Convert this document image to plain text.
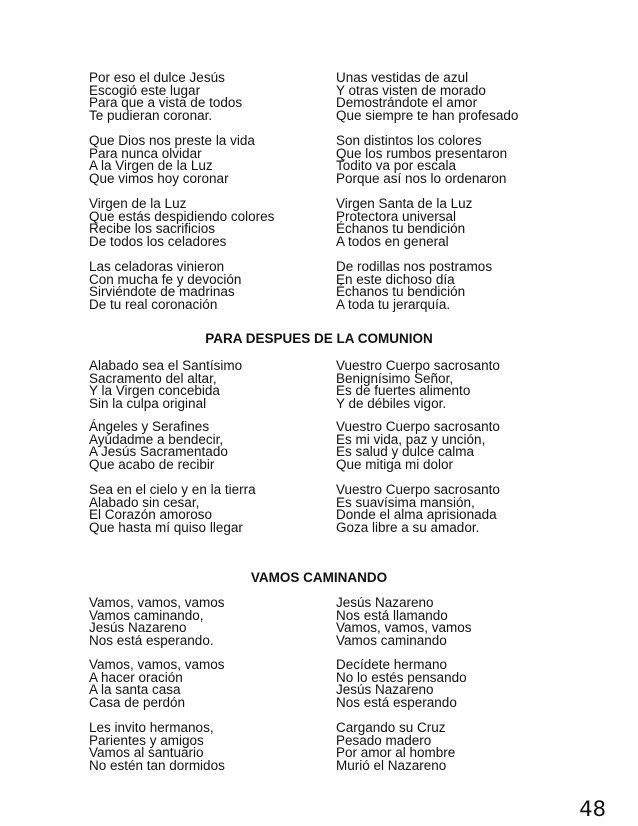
Por eso el dulce Jesús
Escogió este lugar
Para que a vista de todos
Te pudieran coronar.
Unas vestidas de azul
Y otras visten de morado
Demostrándote el amor
Que siempre te han profesado
Que Dios nos preste la vida
Para nunca olvidar
A la Virgen de la Luz
Que vimos hoy coronar
Son distintos los colores
Que los rumbos presentaron
Todito va por escala
Porque así nos lo ordenaron
Virgen de la Luz
Que estás despidiendo colores
Recibe los sacrificios
De todos los celadores
Virgen Santa de la Luz
Protectora universal
Échanos tu bendición
A todos en general
Las celadoras vinieron
Con mucha fe y devoción
Sirviéndote de madrinas
De tu real coronación
De rodillas nos postramos
En este dichoso día
Échanos tu bendición
A toda tu jerarquía.
PARA DESPUES DE LA COMUNION
Alabado sea el Santísimo
Sacramento del altar,
Y la Virgen concebida
Sin la culpa original
Vuestro Cuerpo sacrosanto
Benignísimo Señor,
Es de fuertes alimento
Y de débiles vigor.
Ángeles y Serafines
Ayúdadme a bendecir,
A Jesús Sacramentado
Que acabo de recibir
Vuestro Cuerpo sacrosanto
Es mi vida, paz y unción,
Es salud y dulce calma
Que mitiga mi dolor
Sea en el cielo y en la tierra
Alabado sin cesar,
El Corazón amoroso
Que hasta mí quiso llegar
Vuestro Cuerpo sacrosanto
Es suavísima mansión,
Donde el alma aprisionada
Goza libre a su amador.
VAMOS CAMINANDO
Vamos, vamos, vamos
Vamos caminando,
Jesús Nazareno
Nos está esperando.
Jesús Nazareno
Nos está llamando
Vamos, vamos, vamos
Vamos caminando
Vamos, vamos, vamos
A hacer oración
A la santa casa
Casa de perdón
Decídete hermano
No lo estés pensando
Jesús Nazareno
Nos está esperando
Les invito hermanos,
Parientes y amigos
Vamos al santuario
No estén tan dormidos
Cargando su Cruz
Pesado madero
Por amor al hombre
Murió el Nazareno
48
